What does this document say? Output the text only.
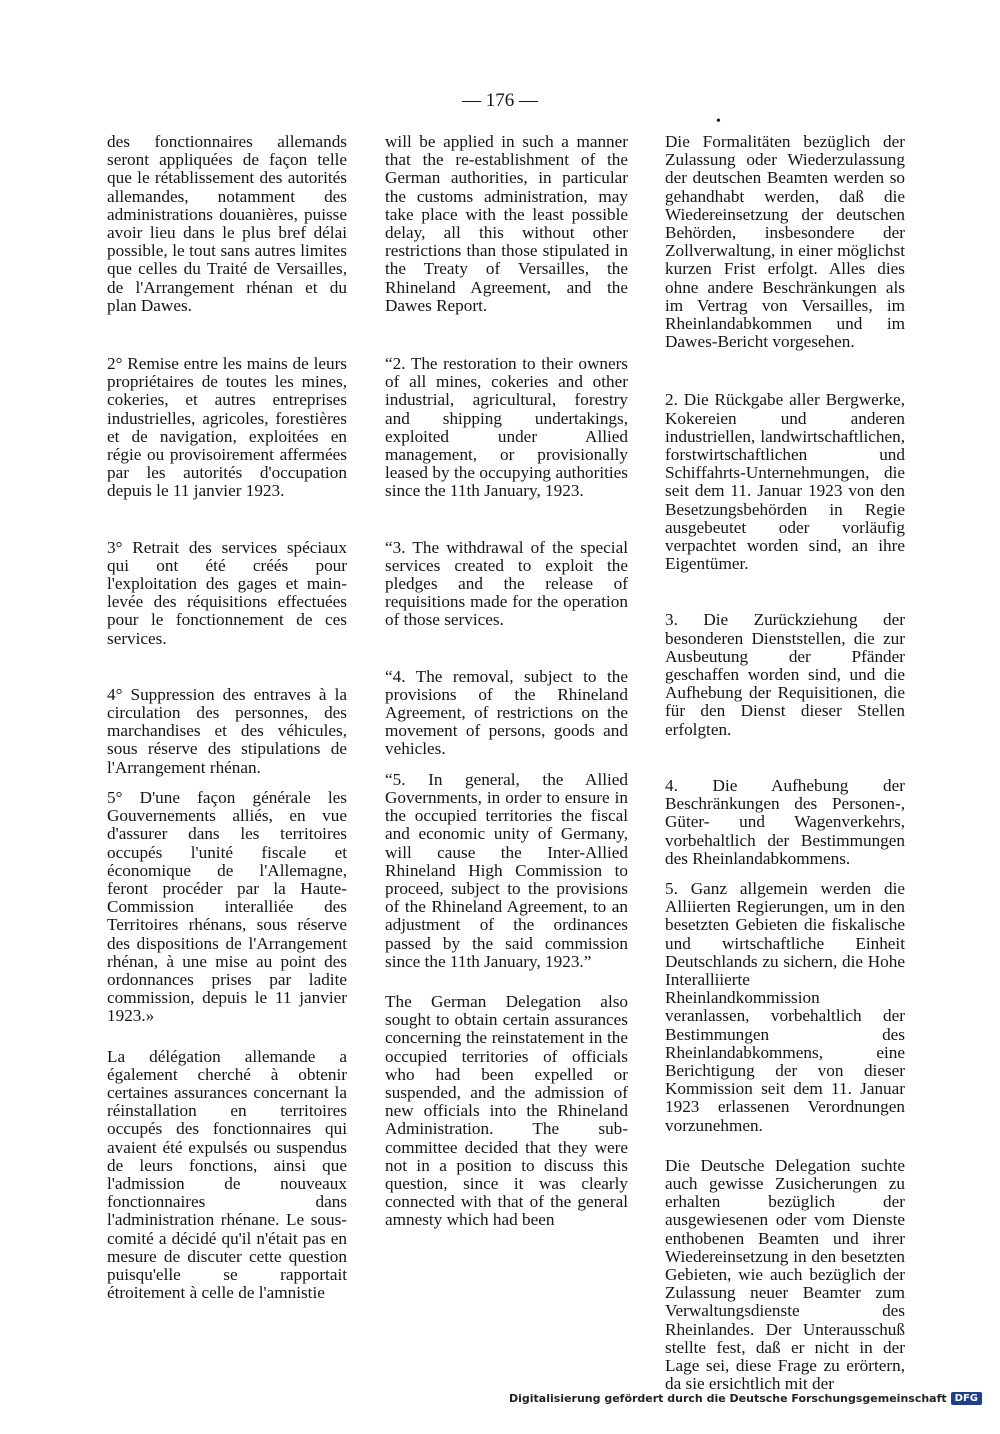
— 176 —
•

des fonctionnaires allemands seront appliquées de façon telle que le rétablissement des autorités allemandes, notamment des administrations douanières, puisse avoir lieu dans le plus bref délai possible, le tout sans autres limites que celles du Traité de Versailles, de l'Arrangement rhénan et du plan Dawes.

2° Remise entre les mains de leurs propriétaires de toutes les mines, cokeries, et autres entreprises industrielles, agricoles, forestières et de navigation, exploitées en régie ou provisoirement affermées par les autorités d'occupation depuis le 11 janvier 1923.

3° Retrait des services spéciaux qui ont été créés pour l'exploitation des gages et main-levée des réquisitions effectuées pour le fonctionnement de ces services.

4° Suppression des entraves à la circulation des personnes, des marchandises et des véhicules, sous réserve des stipulations de l'Arrangement rhénan.

5° D'une façon générale les Gouvernements alliés, en vue d'assurer dans les territoires occupés l'unité fiscale et économique de l'Allemagne, feront procéder par la Haute-Commission interalliée des Territoires rhénans, sous réserve des dispositions de l'Arrangement rhénan, à une mise au point des ordonnances prises par ladite commission, depuis le 11 janvier 1923.»

La délégation allemande a également cherché à obtenir certaines assurances concernant la réinstallation en territoires occupés des fonctionnaires qui avaient été expulsés ou suspendus de leurs fonctions, ainsi que l'admission de nouveaux fonctionnaires dans l'administration rhénane. Le sous-comité a décidé qu'il n'était pas en mesure de discuter cette question puisqu'elle se rapportait étroitement à celle de l'amnistie

will be applied in such a manner that the re-establishment of the German authorities, in particular the customs administration, may take place with the least possible delay, all this without other restrictions than those stipulated in the Treaty of Versailles, the Rhineland Agreement, and the Dawes Report.

“2. The restoration to their owners of all mines, cokeries and other industrial, agricultural, forestry and shipping undertakings, exploited under Allied management, or provisionally leased by the occupying authorities since the 11th January, 1923.

“3. The withdrawal of the special services created to exploit the pledges and the release of requisitions made for the operation of those services.

“4. The removal, subject to the provisions of the Rhineland Agreement, of restrictions on the movement of persons, goods and vehicles.

“5. In general, the Allied Governments, in order to ensure in the occupied territories the fiscal and economic unity of Germany, will cause the Inter-Allied Rhineland High Commission to proceed, subject to the provisions of the Rhineland Agreement, to an adjustment of the ordinances passed by the said commission since the 11th January, 1923.”

The German Delegation also sought to obtain certain assurances concerning the reinstatement in the occupied territories of officials who had been expelled or suspended, and the admission of new officials into the Rhineland Administration. The sub-committee decided that they were not in a position to discuss this question, since it was clearly connected with that of the general amnesty which had been

Die Formalitäten bezüglich der Zulassung oder Wiederzulassung der deutschen Beamten werden so gehandhabt werden, daß die Wiedereinsetzung der deutschen Behörden, insbesondere der Zollverwaltung, in einer möglichst kurzen Frist erfolgt. Alles dies ohne andere Beschränkungen als im Vertrag von Versailles, im Rheinlandabkommen und im Dawes-Bericht vorgesehen.

2. Die Rückgabe aller Bergwerke, Kokereien und anderen industriellen, landwirtschaftlichen, forstwirtschaftlichen und Schiffahrts-Unternehmungen, die seit dem 11. Januar 1923 von den Besetzungsbehörden in Regie ausgebeutet oder vorläufig verpachtet worden sind, an ihre Eigentümer.

3. Die Zurückziehung der besonderen Dienststellen, die zur Ausbeutung der Pfänder geschaffen worden sind, und die Aufhebung der Requisitionen, die für den Dienst dieser Stellen erfolgten.

4. Die Aufhebung der Beschränkungen des Personen-, Güter- und Wagenverkehrs, vorbehaltlich der Bestimmungen des Rheinlandabkommens.

5. Ganz allgemein werden die Alliierten Regierungen, um in den besetzten Gebieten die fiskalische und wirtschaftliche Einheit Deutschlands zu sichern, die Hohe Interalliierte Rheinlandkommission veranlassen, vorbehaltlich der Bestimmungen des Rheinlandabkommens, eine Berichtigung der von dieser Kommission seit dem 11. Januar 1923 erlassenen Verordnungen vorzunehmen.

Die Deutsche Delegation suchte auch gewisse Zusicherungen zu erhalten bezüglich der ausgewiesenen oder vom Dienste enthobenen Beamten und ihrer Wiedereinsetzung in den besetzten Gebieten, wie auch bezüglich der Zulassung neuer Beamter zum Verwaltungsdienste des Rheinlandes. Der Unterausschuß stellte fest, daß er nicht in der Lage sei, diese Frage zu erörtern, da sie ersichtlich mit der

Digitalisierung gefördert durch die Deutsche Forschungsgemeinschaft DFG
